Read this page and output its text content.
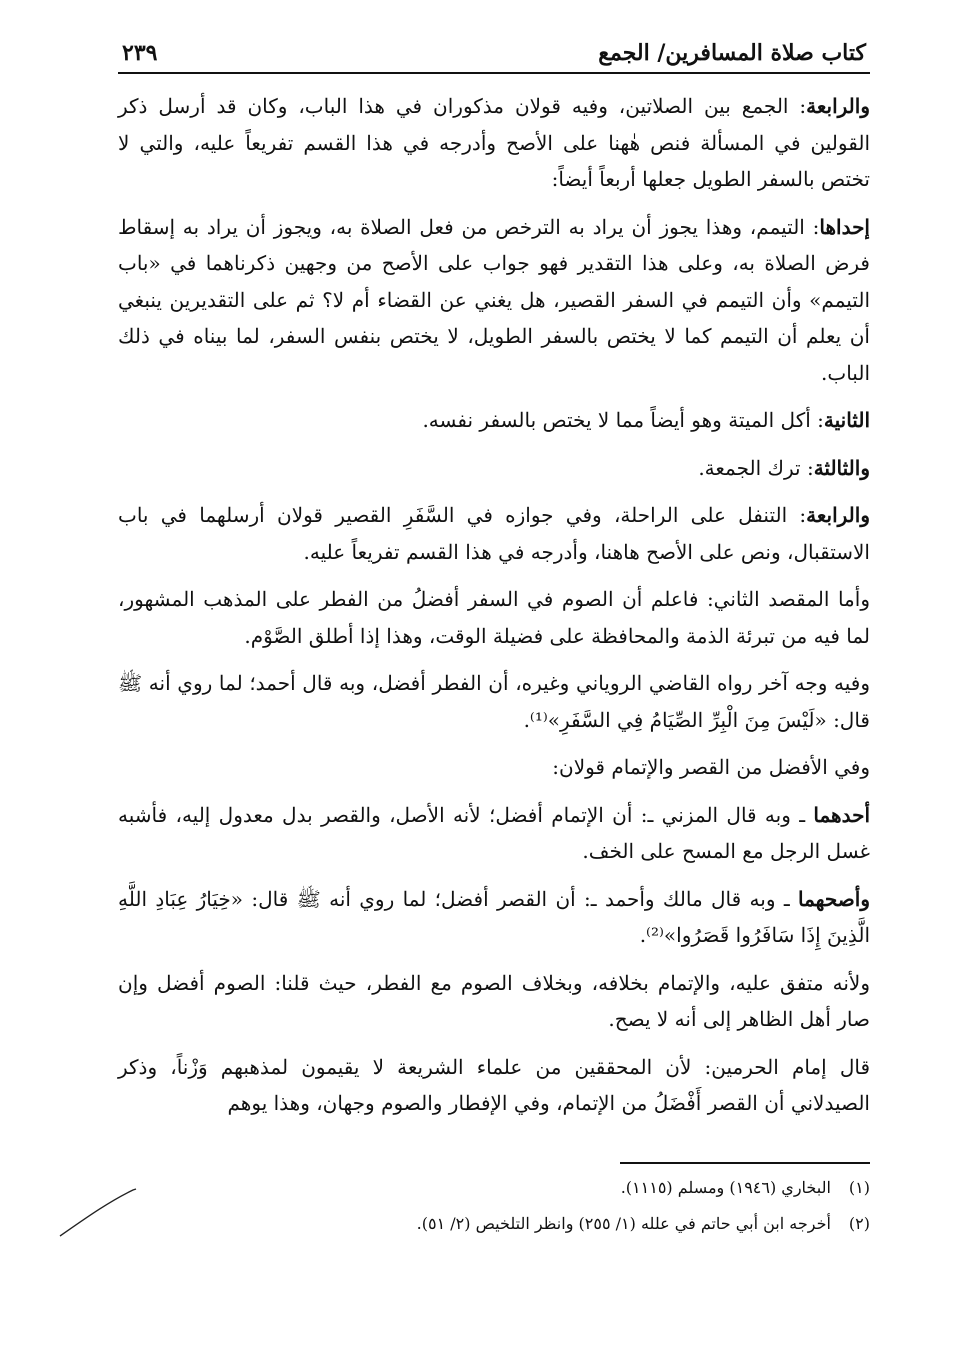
كتاب صلاة المسافرين/ الجمع
٢٣٩

والرابعة: الجمع بين الصلاتين، وفيه قولان مذكوران في هذا الباب، وكان قد أرسل ذكر القولين في المسألة فنص هٰهنا على الأصح وأدرجه في هذا القسم تفريعاً عليه، والتي لا تختص بالسفر الطويل جعلها أربعاً أيضاً:

إحداها: التيمم، وهذا يجوز أن يراد به الترخص من فعل الصلاة به، ويجوز أن يراد به إسقاط فرض الصلاة به، وعلى هذا التقدير فهو جواب على الأصح من وجهين ذكرناهما في «باب التيمم» وأن التيمم في السفر القصير، هل يغني عن القضاء أم لا؟ ثم على التقديرين ينبغي أن يعلم أن التيمم كما لا يختص بالسفر الطويل، لا يختص بنفس السفر، لما بيناه في ذلك الباب.

الثانية: أكل الميتة وهو أيضاً مما لا يختص بالسفر نفسه.

والثالثة: ترك الجمعة.

والرابعة: التنفل على الراحلة، وفي جوازه في السَّفَرِ القصير قولان أرسلهما في باب الاستقبال، ونص على الأصح هاهنا، وأدرجه في هذا القسم تفريعاً عليه.

وأما المقصد الثاني: فاعلم أن الصوم في السفر أفضلُ من الفطر على المذهب المشهور، لما فيه من تبرئة الذمة والمحافظة على فضيلة الوقت، وهذا إذا أطلق الصَّوْم.

وفيه وجه آخر رواه القاضي الروياني وغيره، أن الفطر أفضل، وبه قال أحمد؛ لما روي أنه ﷺ قال: «لَيْسَ مِنَ الْبِرِّ الصِّيَامُ فِي السَّفَرِ»⁽¹⁾.

وفي الأفضل من القصر والإتمام قولان:

أحدهما ـ وبه قال المزني ـ: أن الإتمام أفضل؛ لأنه الأصل، والقصر بدل معدول إليه، فأشبه غسل الرجل مع المسح على الخف.

وأصحهما ـ وبه قال مالك وأحمد ـ: أن القصر أفضل؛ لما روي أنه ﷺ قال: «خِيَارُ عِبَادِ اللَّهِ الَّذِينَ إِذَا سَافَرُوا قَصَرُوا»⁽²⁾.

ولأنه متفق عليه، والإتمام بخلافه، وبخلاف الصوم مع الفطر، حيث قلنا: الصوم أفضل وإن صار أهل الظاهر إلى أنه لا يصح.

قال إمام الحرمين: لأن المحققين من علماء الشريعة لا يقيمون لمذهبهم وَزْناً، وذكر الصيدلاني أن القصر أَفْضَلُ من الإتمام، وفي الإفطار والصوم وجهان، وهذا يوهم

(١) البخاري (١٩٤٦) ومسلم (١١١٥).

(٢) أخرجه ابن أبي حاتم في علله (١/ ٢٥٥) وانظر التلخيص (٢/ ٥١).
